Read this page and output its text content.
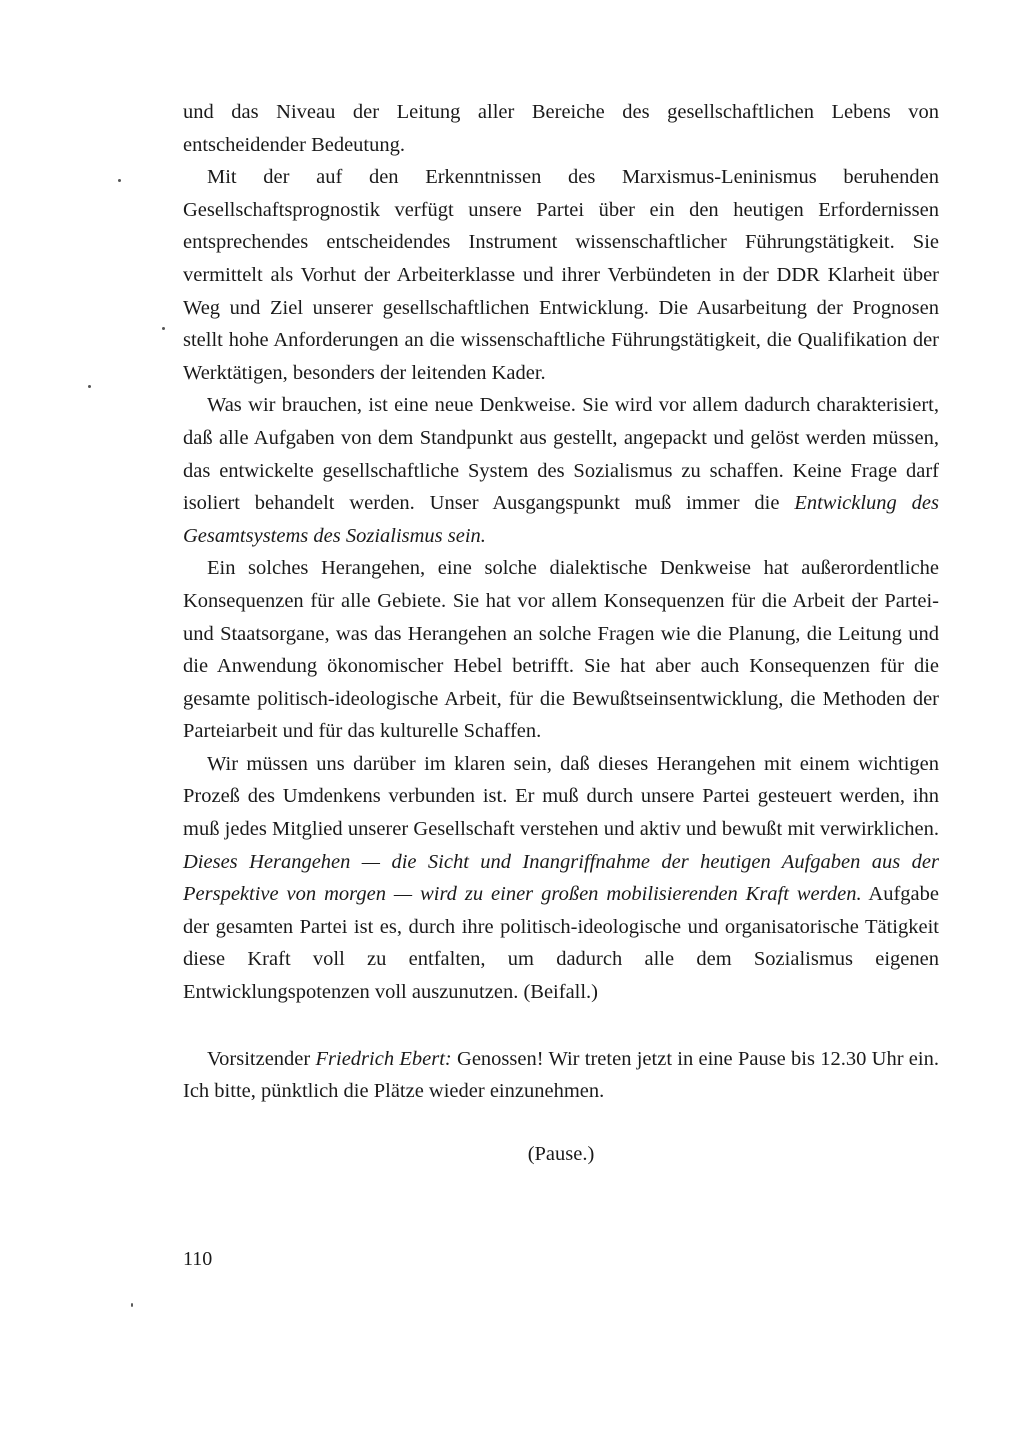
und das Niveau der Leitung aller Bereiche des gesellschaftlichen Lebens von entscheidender Bedeutung.

Mit der auf den Erkenntnissen des Marxismus-Leninismus beruhenden Gesellschaftsprognostik verfügt unsere Partei über ein den heutigen Erfordernissen entsprechendes entscheidendes Instrument wissenschaftlicher Führungstätigkeit. Sie vermittelt als Vorhut der Arbeiterklasse und ihrer Verbündeten in der DDR Klarheit über Weg und Ziel unserer gesellschaftlichen Entwicklung. Die Ausarbeitung der Prognosen stellt hohe Anforderungen an die wissenschaftliche Führungstätigkeit, die Qualifikation der Werktätigen, besonders der leitenden Kader.

Was wir brauchen, ist eine neue Denkweise. Sie wird vor allem dadurch charakterisiert, daß alle Aufgaben von dem Standpunkt aus gestellt, angepackt und gelöst werden müssen, das entwickelte gesellschaftliche System des Sozialismus zu schaffen. Keine Frage darf isoliert behandelt werden. Unser Ausgangspunkt muß immer die Entwicklung des Gesamtsystems des Sozialismus sein.

Ein solches Herangehen, eine solche dialektische Denkweise hat außerordentliche Konsequenzen für alle Gebiete. Sie hat vor allem Konsequenzen für die Arbeit der Partei- und Staatsorgane, was das Herangehen an solche Fragen wie die Planung, die Leitung und die Anwendung ökonomischer Hebel betrifft. Sie hat aber auch Konsequenzen für die gesamte politisch-ideologische Arbeit, für die Bewußtseinsentwicklung, die Methoden der Parteiarbeit und für das kulturelle Schaffen.

Wir müssen uns darüber im klaren sein, daß dieses Herangehen mit einem wichtigen Prozeß des Umdenkens verbunden ist. Er muß durch unsere Partei gesteuert werden, ihn muß jedes Mitglied unserer Gesellschaft verstehen und aktiv und bewußt mit verwirklichen. Dieses Herangehen — die Sicht und Inangriffnahme der heutigen Aufgaben aus der Perspektive von morgen — wird zu einer großen mobilisierenden Kraft werden. Aufgabe der gesamten Partei ist es, durch ihre politisch-ideologische und organisatorische Tätigkeit diese Kraft voll zu entfalten, um dadurch alle dem Sozialismus eigenen Entwicklungspotenzen voll auszunutzen. (Beifall.)

Vorsitzender Friedrich Ebert: Genossen! Wir treten jetzt in eine Pause bis 12.30 Uhr ein. Ich bitte, pünktlich die Plätze wieder einzunehmen.

(Pause.)

110
